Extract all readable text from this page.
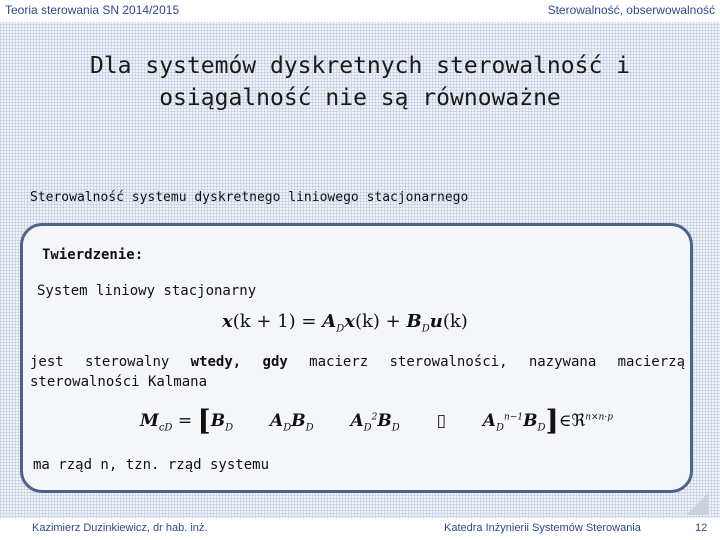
Teoria sterowania SN 2014/2015	Sterowalność, obserwowalność
Dla systemów dyskretnych sterowalność i
osiągalność nie są równoważne
Sterowalność systemu dyskretnego liniowego stacjonarnego
Twierdzenie:
System liniowy stacjonarny
$x(k + 1) = A_Dx(k) + B_Du(k)$
jest sterowalny wtedy, gdy macierz sterowalności, nazywana macierzą sterowalności Kalmana
$M_{cD} = [B_D$ $A_DB_D$ $A_D^2B_D$ ▯ $A_D^{n-1}B_D]\in ℜ^{n\times n\cdot p}$
ma rząd n, tzn. rząd systemu
Kazimierz Duzinkiewicz, dr hab. inż.	Katedra Inżynierii Systemów Sterowania	12
